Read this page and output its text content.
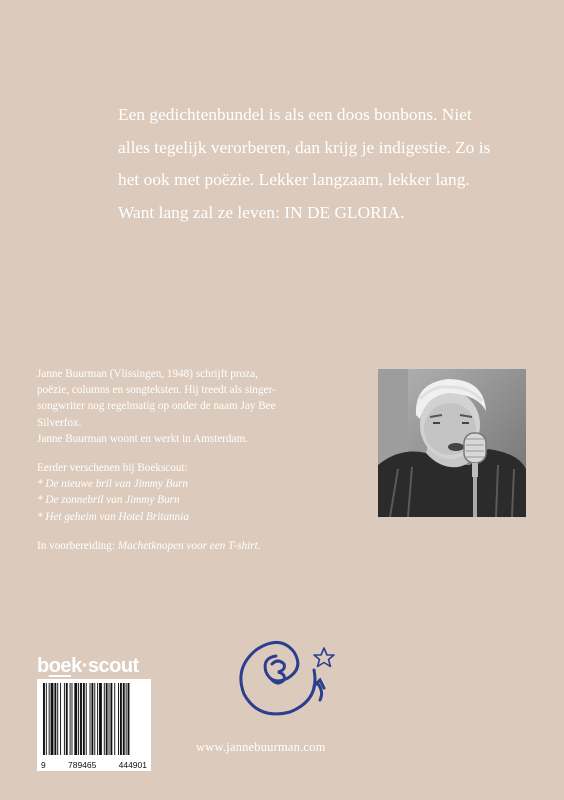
Een gedichtenbundel is als een doos bonbons. Niet

alles tegelijk verorberen, dan krijg je indigestie. Zo is

het ook met poëzie. Lekker langzaam, lekker lang.

Want lang zal ze leven: IN DE GLORIA.

Janne Buurman (Vlissingen, 1948) schrijft proza,
poëzie, columns en songteksten. Hij treedt als singer-
songwriter nog regelmatig op onder de naam Jay Bee
Silverfox.
Janne Buurman woont en werkt in Amsterdam.
Eerder verschenen bij Boekscout:
* De nieuwe bril van Jimmy Burn
* De zonnebril van Jimmy Burn
* Het geheim van Hotel Britannia
In voorbereiding: Machetknopen voor een T-shirt.
boek·scout
9	789465	444901
www.jannebuurman.com
